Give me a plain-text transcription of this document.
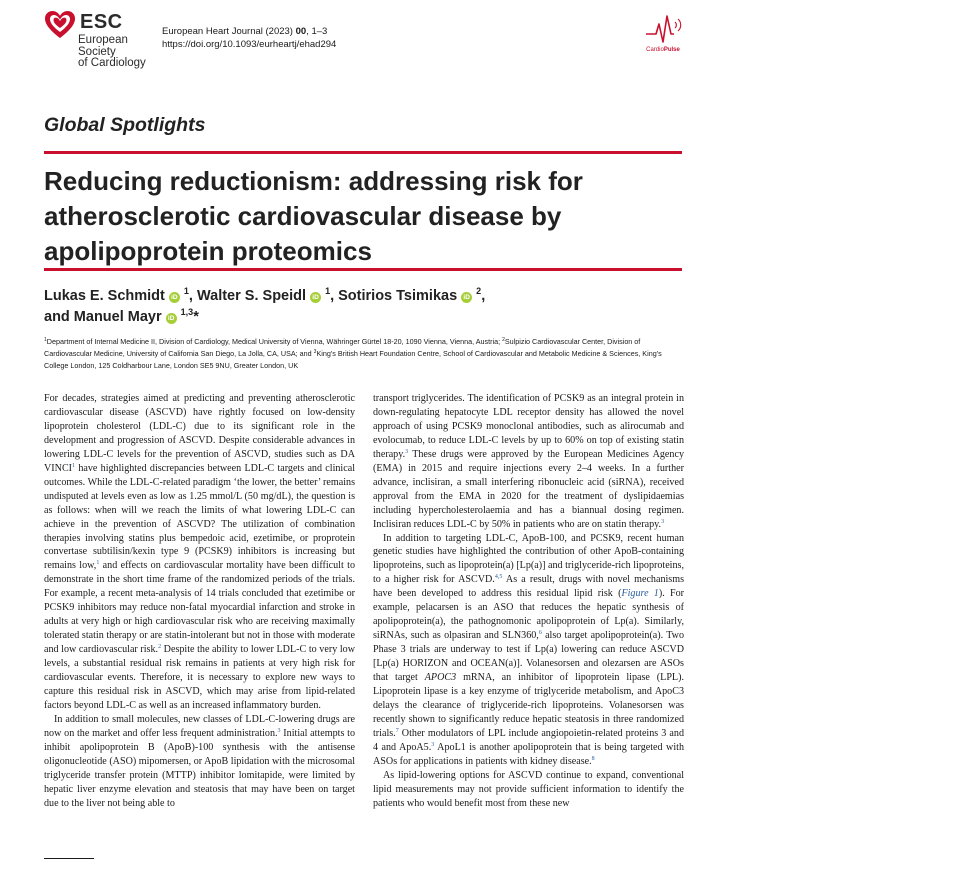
ESC
European Society
of Cardiology
European Heart Journal (2023) 00, 1–3
https://doi.org/10.1093/eurheartj/ehad294
CardioPulse
Global Spotlights
Reducing reductionism: addressing risk for atherosclerotic cardiovascular disease by apolipoprotein proteomics
Lukas E. Schmidt iD $^1$, Walter S. Speidl iD $^1$, Sotirios Tsimikas iD $^2$,
and Manuel Mayr iD $^{1,3}$*
$^1$Department of Internal Medicine II, Division of Cardiology, Medical University of Vienna, Währinger Gürtel 18-20, 1090 Vienna, Vienna, Austria; $^2$Sulpizio Cardiovascular Center, Division of Cardiovascular Medicine, University of California San Diego, La Jolla, CA, USA; and $^3$King’s British Heart Foundation Centre, School of Cardiovascular and Metabolic Medicine & Sciences, King’s College London, 125 Coldharbour Lane, London SE5 9NU, Greater London, UK

For decades, strategies aimed at predicting and preventing atherosclerotic cardiovascular disease (ASCVD) have rightly focused on low-density lipoprotein cholesterol (LDL-C) due to its significant role in the development and progression of ASCVD. Despite considerable advances in lowering LDL-C levels for the prevention of ASCVD, studies such as DA VINCI$^1$ have highlighted discrepancies between LDL-C targets and clinical outcomes. While the LDL-C-related paradigm ‘the lower, the better’ remains undisputed at levels even as low as 1.25 mmol/L (50 mg/dL), the question is as follows: when will we reach the limits of what lowering LDL-C can achieve in the prevention of ASCVD? The utilization of combination therapies involving statins plus bempedoic acid, ezetimibe, or proprotein convertase subtilisin/kexin type 9 (PCSK9) inhibitors is increasing but remains low,$^1$ and effects on cardiovascular mortality have been difficult to demonstrate in the short time frame of the randomized periods of the trials. For example, a recent meta-analysis of 14 trials concluded that ezetimibe or PCSK9 inhibitors may reduce non-fatal myocardial infarction and stroke in adults at very high or high cardiovascular risk who are receiving maximally tolerated statin therapy or are statin-intolerant but not in those with moderate and low cardiovascular risk.$^2$ Despite the ability to lower LDL-C to very low levels, a substantial residual risk remains in patients at very high risk for cardiovascular events. Therefore, it is necessary to explore new ways to capture this residual risk in ASCVD, which may arise from lipid-related factors beyond LDL-C as well as an increased inflammatory burden.

In addition to small molecules, new classes of LDL-C-lowering drugs are now on the market and offer less frequent administration.$^3$ Initial attempts to inhibit apolipoprotein B (ApoB)-100 synthesis with the antisense oligonucleotide (ASO) mipomersen, or ApoB lipidation with the microsomal triglyceride transfer protein (MTTP) inhibitor lomitapide, were limited by hepatic liver enzyme elevation and steatosis that may have been on target due to the liver not being able to

transport triglycerides. The identification of PCSK9 as an integral protein in down-regulating hepatocyte LDL receptor density has allowed the novel approach of using PCSK9 monoclonal antibodies, such as alirocumab and evolocumab, to reduce LDL-C levels by up to 60% on top of existing statin therapy.$^3$ These drugs were approved by the European Medicines Agency (EMA) in 2015 and require injections every 2–4 weeks. In a further advance, inclisiran, a small interfering ribonucleic acid (siRNA), received approval from the EMA in 2020 for the treatment of dyslipidaemias including hypercholesterolaemia and has a biannual dosing regimen. Inclisiran reduces LDL-C by 50% in patients who are on statin therapy.$^3$

In addition to targeting LDL-C, ApoB-100, and PCSK9, recent human genetic studies have highlighted the contribution of other ApoB-containing lipoproteins, such as lipoprotein(a) [Lp(a)] and triglyceride-rich lipoproteins, to a higher risk for ASCVD.$^{4,5}$ As a result, drugs with novel mechanisms have been developed to address this residual lipid risk (Figure 1). For example, pelacarsen is an ASO that reduces the hepatic synthesis of apolipoprotein(a), the pathognomonic apolipoprotein of Lp(a). Similarly, siRNAs, such as olpasiran and SLN360,$^6$ also target apolipoprotein(a). Two Phase 3 trials are underway to test if Lp(a) lowering can reduce ASCVD [Lp(a) HORIZON and OCEAN(a)]. Volanesorsen and olezarsen are ASOs that target APOC3 mRNA, an inhibitor of lipoprotein lipase (LPL). Lipoprotein lipase is a key enzyme of triglyceride metabolism, and ApoC3 delays the clearance of triglyceride-rich lipoproteins. Volanesorsen was recently shown to significantly reduce hepatic steatosis in three randomized trials.$^7$ Other modulators of LPL include angiopoietin-related proteins 3 and 4 and ApoA5.$^3$ ApoL1 is another apolipoprotein that is being targeted with ASOs for applications in patients with kidney disease.$^8$

As lipid-lowering options for ASCVD continue to expand, conventional lipid measurements may not provide sufficient information to identify the patients who would benefit most from these new
